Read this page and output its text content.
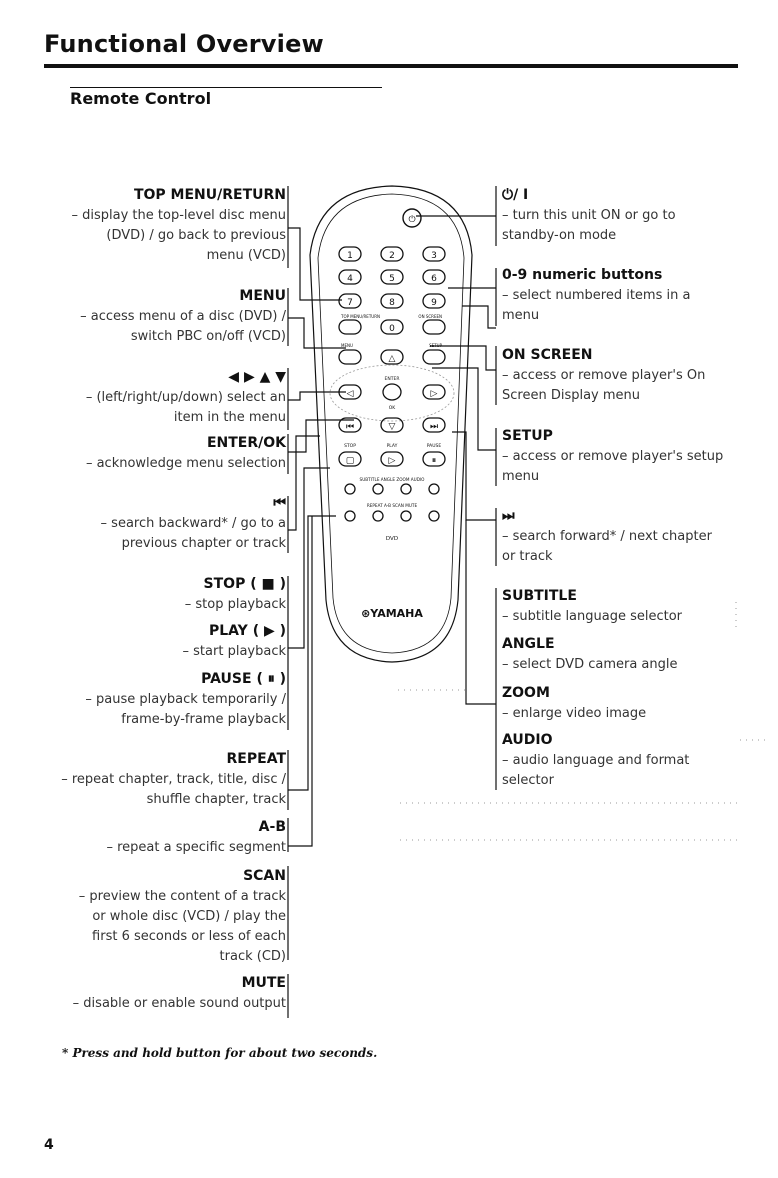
Functional Overview
Remote Control
TOP MENU/RETURN
– display the top-level disc menu
(DVD) / go back to previous
menu (VCD)
MENU
– access menu of a disc (DVD) /
switch PBC on/off (VCD)
◀ ▶ ▲ ▼
– (left/right/up/down) select an
item in the menu
ENTER/OK
– acknowledge menu selection
⏮
– search backward* / go to a
previous chapter or track
STOP ( ■ )
– stop playback
PLAY ( ▶ )
– start playback
PAUSE ( ⏸ )
– pause playback temporarily /
frame-by-frame playback
REPEAT
– repeat chapter, track, title, disc /
shuffle chapter, track
A-B
– repeat a specific segment
SCAN
– preview the content of a track
or whole disc (VCD) / play the
first 6 seconds or less of each
track (CD)
MUTE
– disable or enable sound output
⏻/ I
– turn this unit ON or go to
standby-on mode
0-9 numeric buttons
– select numbered items in a
menu
ON SCREEN
– access or remove player's On
Screen Display menu
SETUP
– access or remove player's setup
menu
⏭
– search forward* / next chapter
or track
SUBTITLE
– subtitle language selector
ANGLE
– select DVD camera angle
ZOOM
– enlarge video image
AUDIO
– audio language and format
selector
⏻
1	2	3
4	5	6
7	8	9
TOP MENU/RETURN	ON SCREEN
0
MENU	SETUP
△
ENTER
◁	▷
OK
⏮	▽	⏭
STOP	PLAY	PAUSE
▢	▷	⏸
SUBTITLE ANGLE ZOOM AUDIO
REPEAT A-B SCAN MUTE
DVD
⊛YAMAHA
* Press and hold button for about two seconds.
4
